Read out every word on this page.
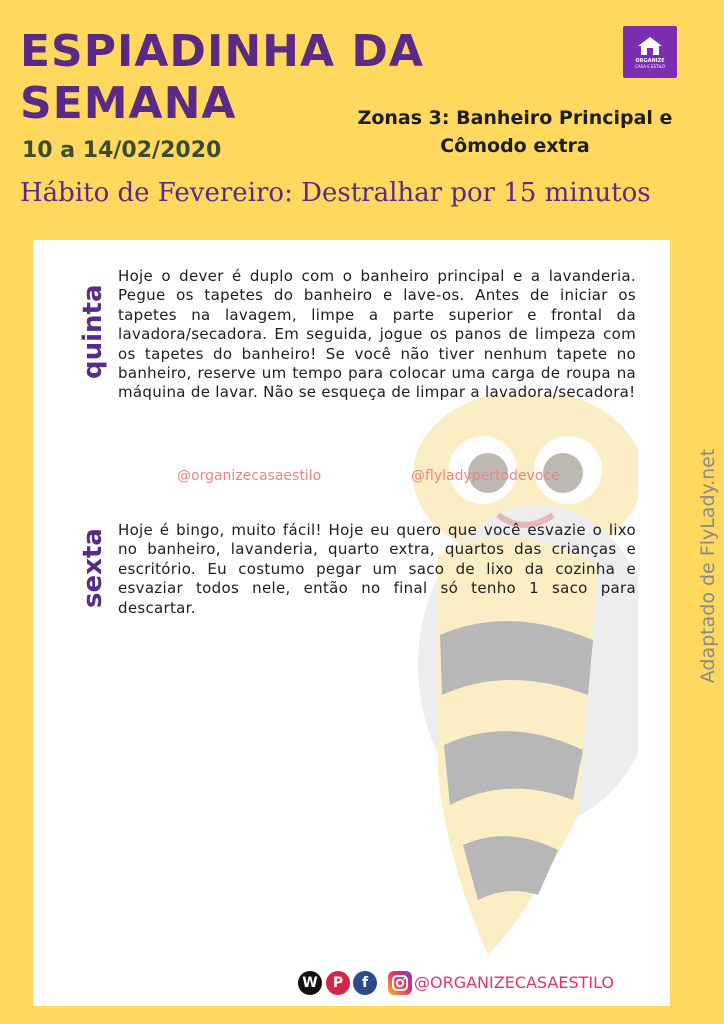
ESPIADINHA DA
SEMANA
10 a 14/02/2020
Zonas 3: Banheiro Principal e
Cômodo extra
ORGANIZE
CASA E ESTILO
Hábito de Fevereiro: Destralhar por 15 minutos
quinta
Hoje o dever é duplo com o banheiro principal e a lavanderia. Pegue os tapetes do banheiro e lave-os. Antes de iniciar os tapetes na lavagem, limpe a parte superior e frontal da lavadora/secadora. Em seguida, jogue os panos de limpeza com os tapetes do banheiro! Se você não tiver nenhum tapete no banheiro, reserve um tempo para colocar uma carga de roupa na máquina de lavar. Não se esqueça de limpar a lavadora/secadora!
@organizecasaestilo	@flyladypertodevoce
sexta Hoje é bingo, muito fácil! Hoje eu quero que você esvazie o lixo no banheiro, lavanderia, quarto extra, quartos das crianças e escritório. Eu costumo pegar um saco de lixo da cozinha e esvaziar todos nele, então no final só tenho 1 saco para descartar.	Adaptado de FlyLady.net
W	P	f	@ORGANIZECASAESTILO
